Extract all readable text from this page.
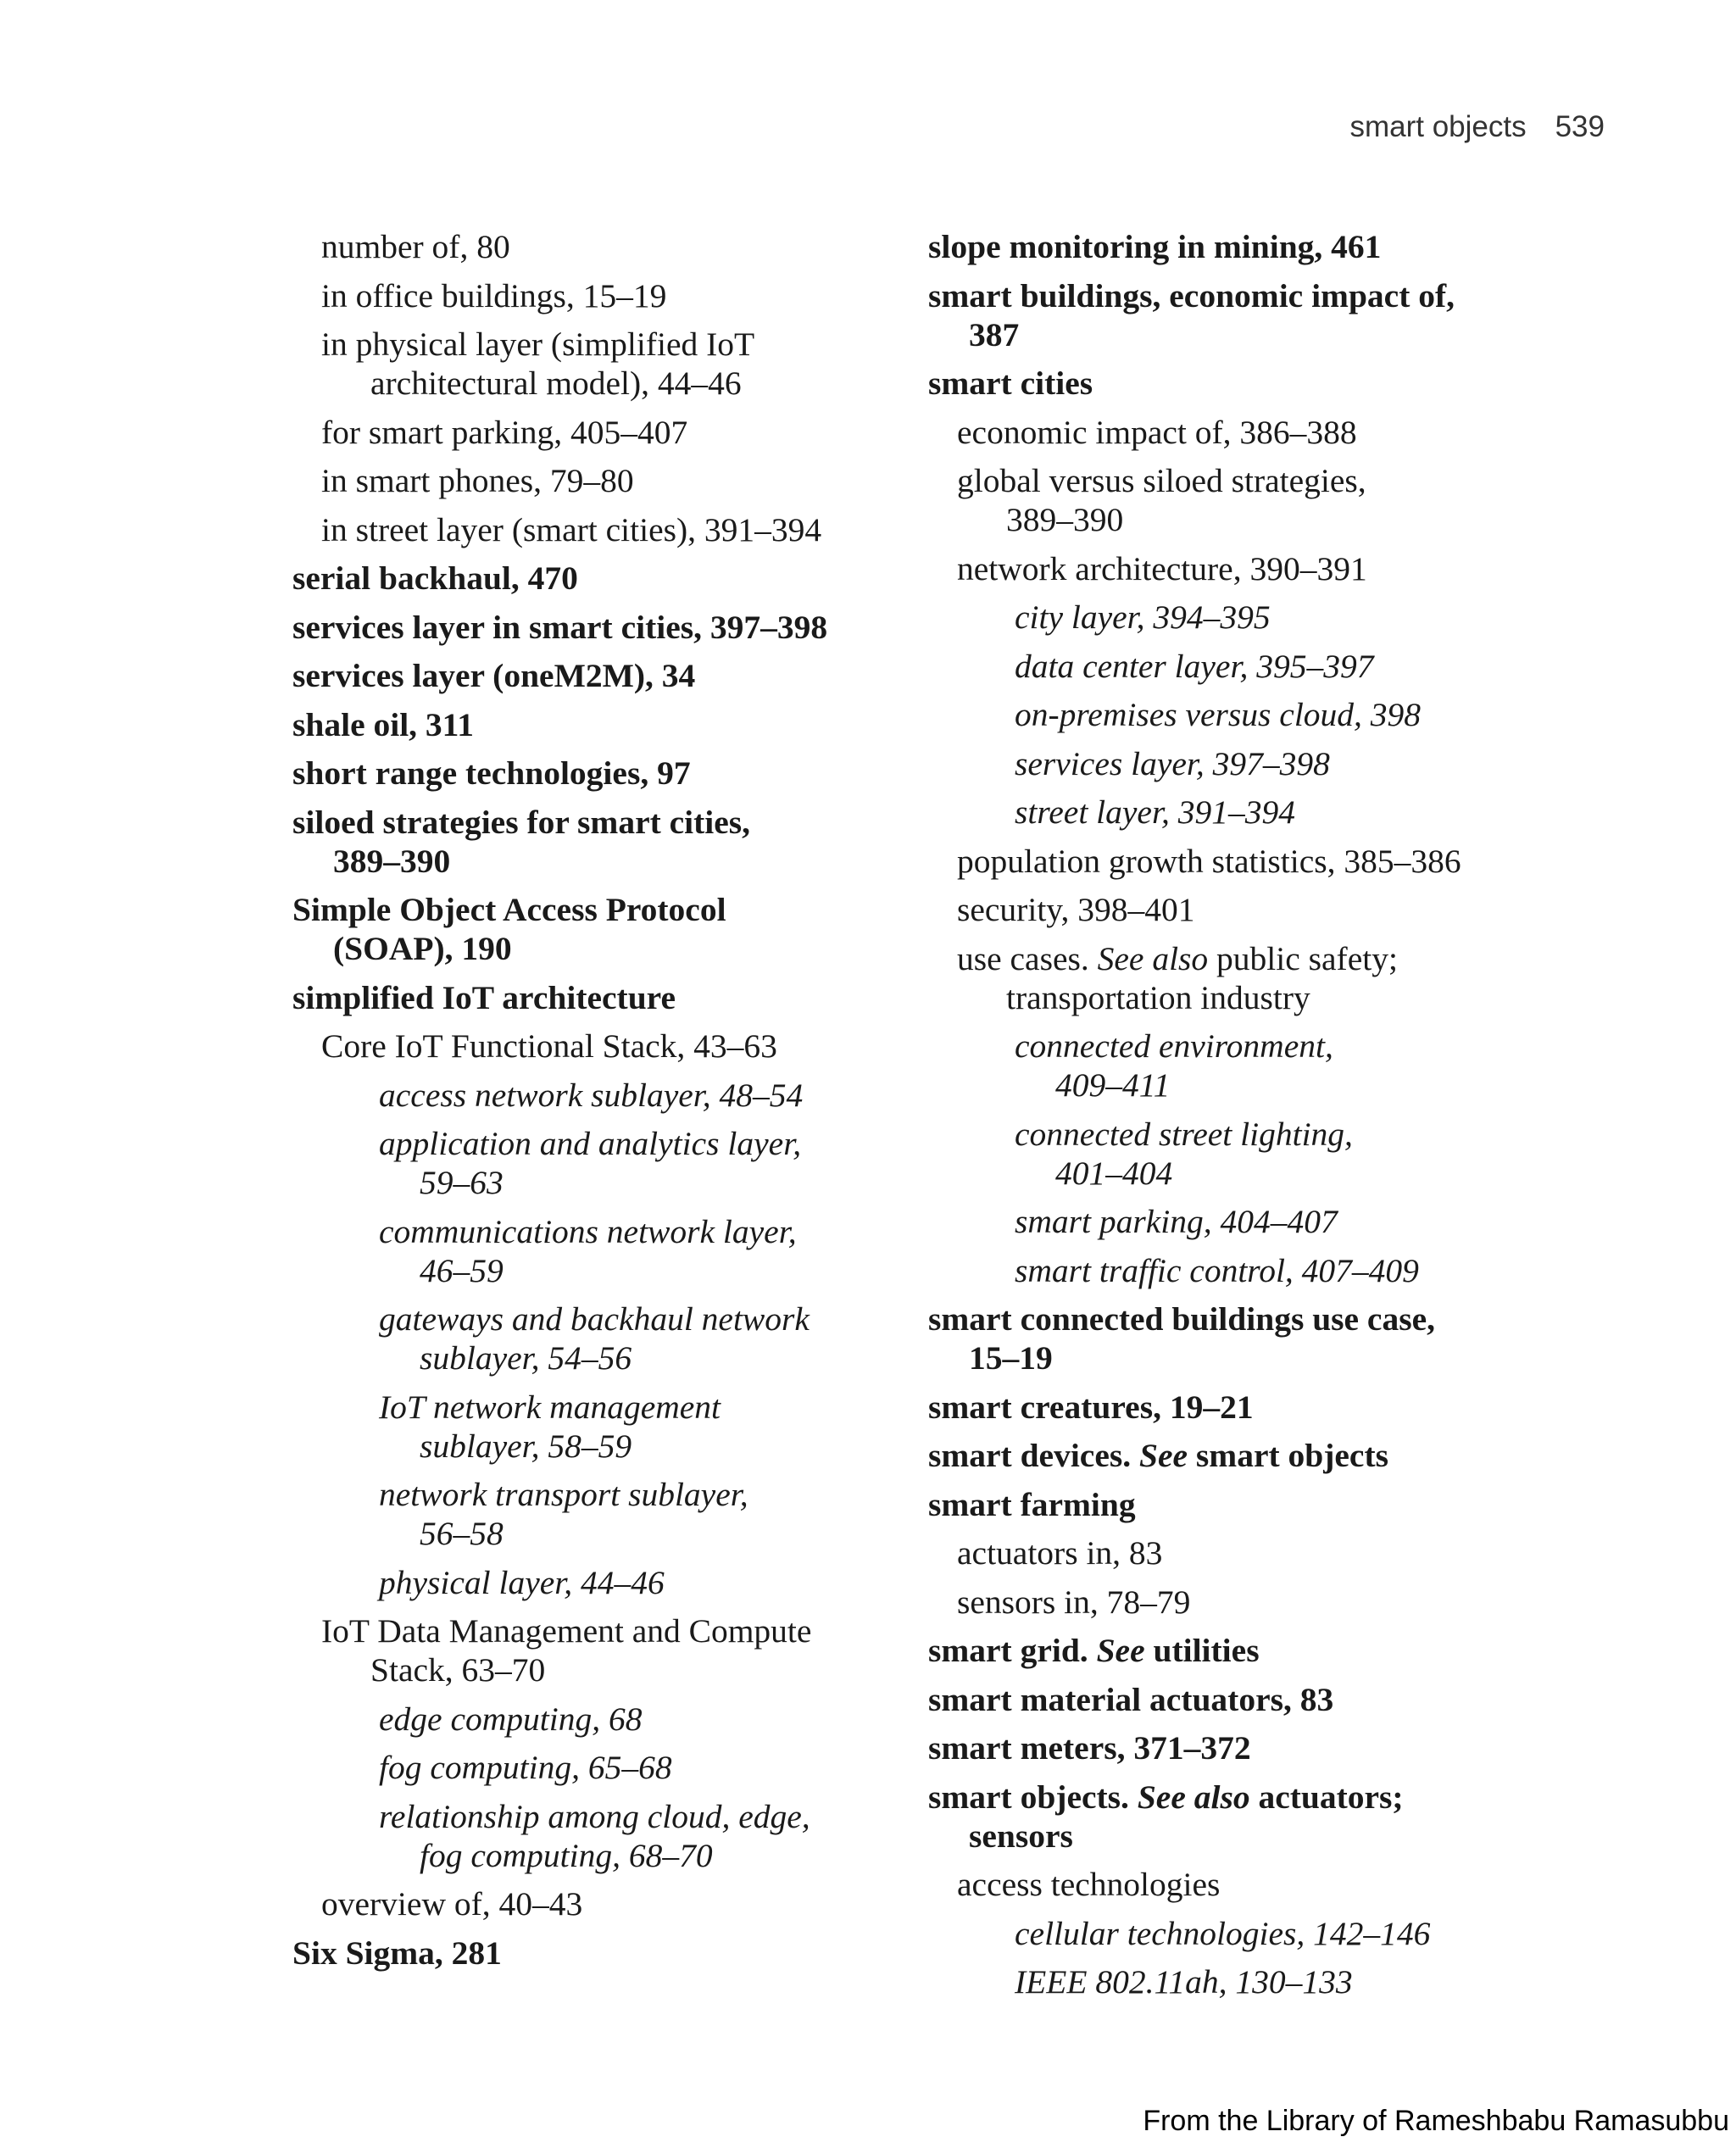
smart objects 539
number of, 80
in office buildings, 15–19
in physical layer (simplified IoT
architectural model), 44–46
for smart parking, 405–407
in smart phones, 79–80
in street layer (smart cities), 391–394
serial backhaul, 470
services layer in smart cities, 397–398
services layer (oneM2M), 34
shale oil, 311
short range technologies, 97
siloed strategies for smart cities,
389–390
Simple Object Access Protocol
(SOAP), 190
simplified IoT architecture
Core IoT Functional Stack, 43–63
access network sublayer, 48–54
application and analytics layer,
59–63
communications network layer,
46–59
gateways and backhaul network
sublayer, 54–56
IoT network management
sublayer, 58–59
network transport sublayer,
56–58
physical layer, 44–46
IoT Data Management and Compute
Stack, 63–70
edge computing, 68
fog computing, 65–68
relationship among cloud, edge,
fog computing, 68–70
overview of, 40–43
Six Sigma, 281
slope monitoring in mining, 461
smart buildings, economic impact of,
387
smart cities
economic impact of, 386–388
global versus siloed strategies,
389–390
network architecture, 390–391
city layer, 394–395
data center layer, 395–397
on-premises versus cloud, 398
services layer, 397–398
street layer, 391–394
population growth statistics, 385–386
security, 398–401
use cases. See also public safety;
transportation industry
connected environment,
409–411
connected street lighting,
401–404
smart parking, 404–407
smart traffic control, 407–409
smart connected buildings use case,
15–19
smart creatures, 19–21
smart devices. See smart objects
smart farming
actuators in, 83
sensors in, 78–79
smart grid. See utilities
smart material actuators, 83
smart meters, 371–372
smart objects. See also actuators;
sensors
access technologies
cellular technologies, 142–146
IEEE 802.11ah, 130–133
From the Library of Rameshbabu Ramasubbu
